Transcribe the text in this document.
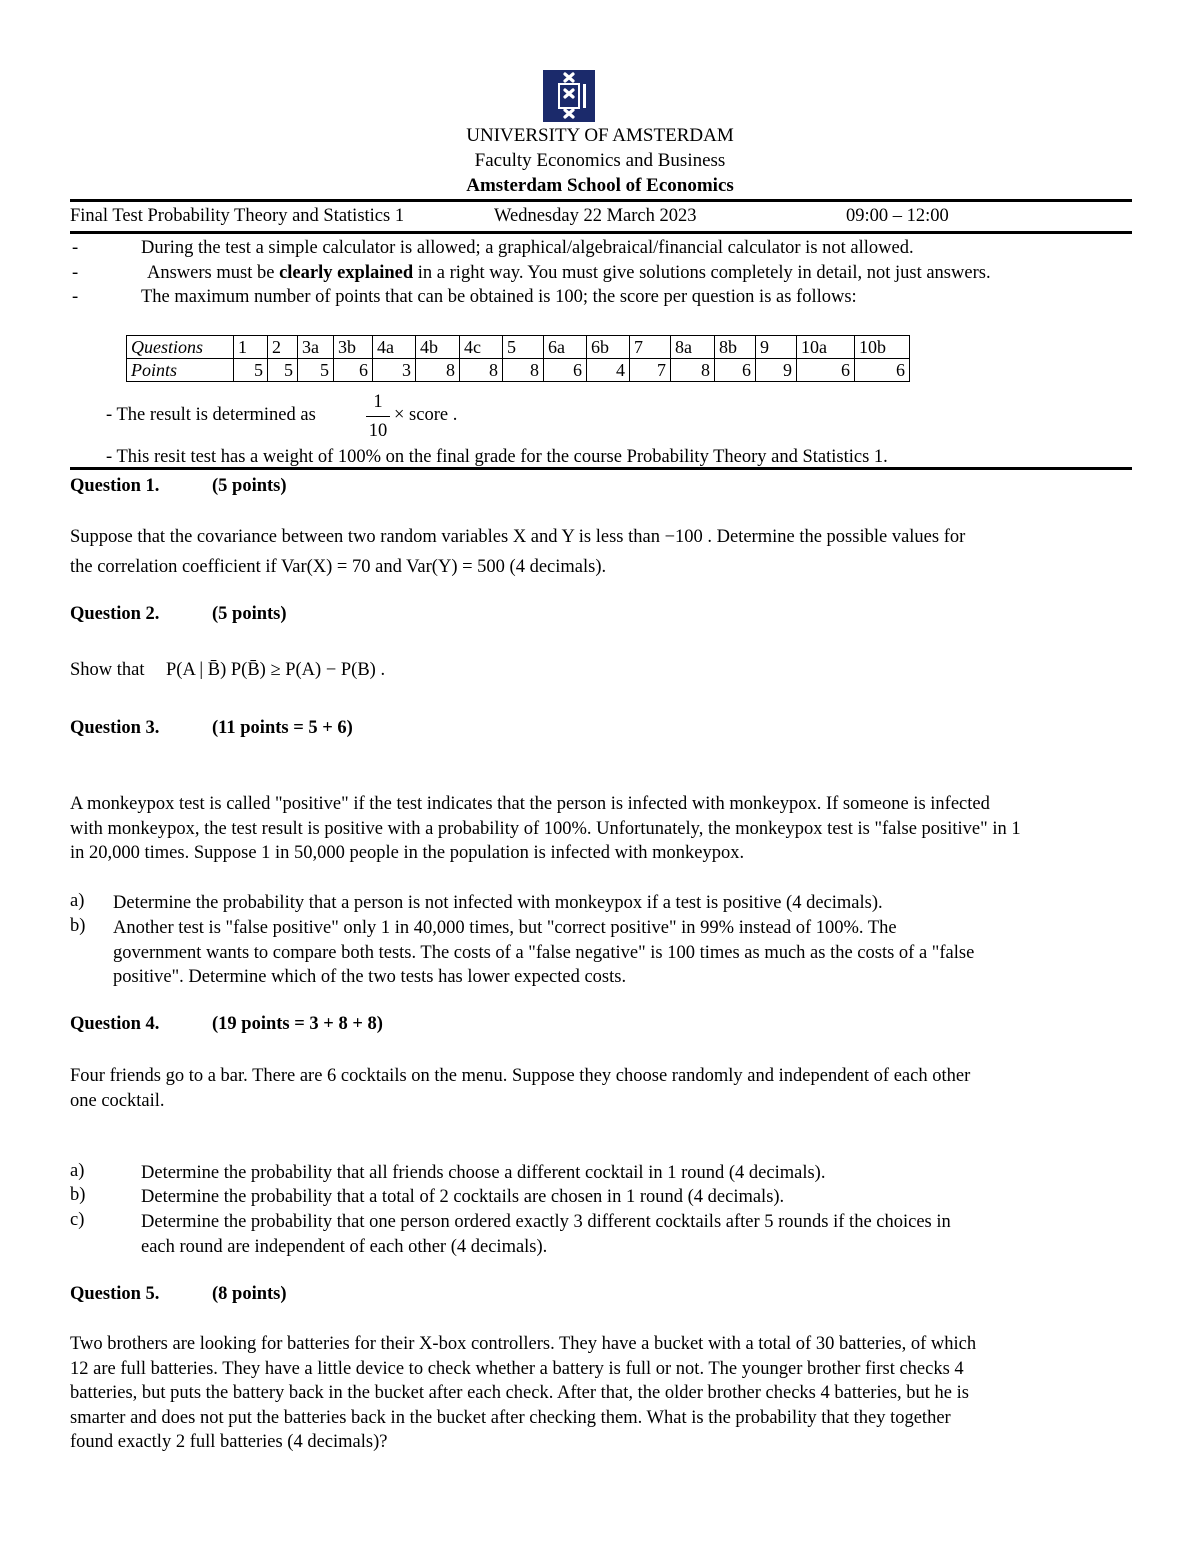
UNIVERSITY OF AMSTERDAM
Faculty Economics and Business
Amsterdam School of Economics
Final Test Probability Theory and Statistics 1	Wednesday 22 March 2023	09:00 – 12:00
-	During the test a simple calculator is allowed; a graphical/algebraical/financial calculator is not allowed.
-	Answers must be clearly explained in a right way. You must give solutions completely in detail, not just answers.
-	The maximum number of points that can be obtained is 100; the score per question is as follows:
Questions	1	2	3a	3b	4a	4b	4c	5	6a	6b	7	8a	8b	9	10a	10b
Points	5	5	5	6	3	8	8	8	6	4	7	8	6	9	6	6
- The result is determined as
1
10
× score .
- This resit test has a weight of 100% on the final grade for the course Probability Theory and Statistics 1.
Question 1.	(5 points)
Suppose that the covariance between two random variables X and Y is less than −100 . Determine the possible values for
the correlation coefficient if Var(X) = 70 and Var(Y) = 500 (4 decimals).
Question 2.	(5 points)
Show that P(A | B̄) P(B̄) ≥ P(A) − P(B) .
Question 3.	(11 points = 5 + 6)
A monkeypox test is called "positive" if the test indicates that the person is infected with monkeypox. If someone is infected
with monkeypox, the test result is positive with a probability of 100%. Unfortunately, the monkeypox test is "false positive" in 1
in 20,000 times. Suppose 1 in 50,000 people in the population is infected with monkeypox.
a) Determine the probability that a person is not infected with monkeypox if a test is positive (4 decimals).
b) Another test is "false positive" only 1 in 40,000 times, but "correct positive" in 99% instead of 100%. The
government wants to compare both tests. The costs of a "false negative" is 100 times as much as the costs of a "false
positive". Determine which of the two tests has lower expected costs.
Question 4.	(19 points = 3 + 8 + 8)
Four friends go to a bar. There are 6 cocktails on the menu. Suppose they choose randomly and independent of each other
one cocktail.
a)	Determine the probability that all friends choose a different cocktail in 1 round (4 decimals).
b)	Determine the probability that a total of 2 cocktails are chosen in 1 round (4 decimals).
c)	Determine the probability that one person ordered exactly 3 different cocktails after 5 rounds if the choices in
each round are independent of each other (4 decimals).
Question 5.	(8 points)
Two brothers are looking for batteries for their X-box controllers. They have a bucket with a total of 30 batteries, of which
12 are full batteries. They have a little device to check whether a battery is full or not. The younger brother first checks 4
batteries, but puts the battery back in the bucket after each check. After that, the older brother checks 4 batteries, but he is
smarter and does not put the batteries back in the bucket after checking them. What is the probability that they together
found exactly 2 full batteries (4 decimals)?
